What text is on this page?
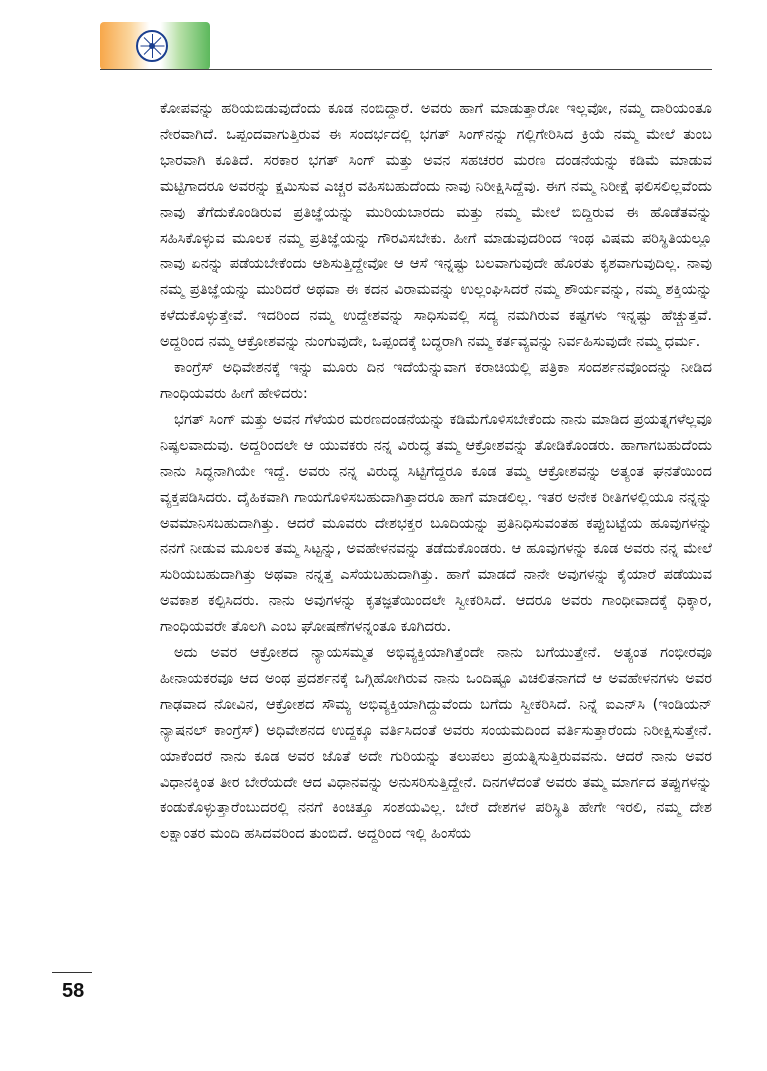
ಕೋಪವನ್ನು ಹರಿಯಬಿಡುವುದೆಂದು ಕೂಡ ನಂಬಿದ್ದಾರೆ. ಅವರು ಹಾಗೆ ಮಾಡುತ್ತಾರೋ ಇಲ್ಲವೋ, ನಮ್ಮ ದಾರಿಯಂತೂ ನೇರವಾಗಿದೆ. ಒಪ್ಪಂದವಾಗುತ್ತಿರುವ ಈ ಸಂದರ್ಭದಲ್ಲಿ ಭಗತ್ ಸಿಂಗ್‌ನನ್ನು ಗಲ್ಲಿಗೇರಿಸಿದ ಕ್ರಿಯೆ ನಮ್ಮ ಮೇಲೆ ತುಂಬ ಭಾರವಾಗಿ ಕೂತಿದೆ. ಸರಕಾರ ಭಗತ್ ಸಿಂಗ್ ಮತ್ತು ಅವನ ಸಹಚರರ ಮರಣ ದಂಡನೆಯನ್ನು ಕಡಿಮೆ ಮಾಡುವ ಮಟ್ಟಿಗಾದರೂ ಅವರನ್ನು ಕ್ಷಮಿಸುವ ಎಚ್ಚರ ವಹಿಸಬಹುದೆಂದು ನಾವು ನಿರೀಕ್ಷಿಸಿದ್ದೆವು. ಈಗ ನಮ್ಮ ನಿರೀಕ್ಷೆ ಫಲಿಸಲಿಲ್ಲವೆಂದು ನಾವು ತೆಗೆದುಕೊಂಡಿರುವ ಪ್ರತಿಜ್ಞೆಯನ್ನು ಮುರಿಯಬಾರದು ಮತ್ತು ನಮ್ಮ ಮೇಲೆ ಬಿದ್ದಿರುವ ಈ ಹೊಡೆತವನ್ನು ಸಹಿಸಿಕೊಳ್ಳುವ ಮೂಲಕ ನಮ್ಮ ಪ್ರತಿಜ್ಞೆಯನ್ನು ಗೌರವಿಸಬೇಕು. ಹೀಗೆ ಮಾಡುವುದರಿಂದ ಇಂಥ ವಿಷಮ ಪರಿಸ್ಥಿತಿಯಲ್ಲೂ ನಾವು ಏನನ್ನು ಪಡೆಯಬೇಕೆಂದು ಆಶಿಸುತ್ತಿದ್ದೇವೋ ಆ ಆಸೆ ಇನ್ನಷ್ಟು ಬಲವಾಗುವುದೇ ಹೊರತು ಕೃಶವಾಗುವುದಿಲ್ಲ. ನಾವು ನಮ್ಮ ಪ್ರತಿಜ್ಞೆಯನ್ನು ಮುರಿದರೆ ಅಥವಾ ಈ ಕದನ ವಿರಾಮವನ್ನು ಉಲ್ಲಂಘಿಸಿದರೆ ನಮ್ಮ ಶೌರ್ಯವನ್ನು, ನಮ್ಮ ಶಕ್ತಿಯನ್ನು ಕಳೆದುಕೊಳ್ಳುತ್ತೇವೆ. ಇದರಿಂದ ನಮ್ಮ ಉದ್ದೇಶವನ್ನು ಸಾಧಿಸುವಲ್ಲಿ ಸದ್ಯ ನಮಗಿರುವ ಕಷ್ಟಗಳು ಇನ್ನಷ್ಟು ಹೆಚ್ಚುತ್ತವೆ. ಅದ್ದರಿಂದ ನಮ್ಮ ಆಕ್ರೋಶವನ್ನು ನುಂಗುವುದೇ, ಒಪ್ಪಂದಕ್ಕೆ ಬದ್ಧರಾಗಿ ನಮ್ಮ ಕರ್ತವ್ಯವನ್ನು ನಿರ್ವಹಿಸುವುದೇ ನಮ್ಮ ಧರ್ಮ.

ಕಾಂಗ್ರೆಸ್ ಅಧಿವೇಶನಕ್ಕೆ ಇನ್ನು ಮೂರು ದಿನ ಇದೆಯೆನ್ನುವಾಗ ಕರಾಚಿಯಲ್ಲಿ ಪತ್ರಿಕಾ ಸಂದರ್ಶನವೊಂದನ್ನು ನೀಡಿದ ಗಾಂಧಿಯವರು ಹೀಗೆ ಹೇಳಿದರು:

ಭಗತ್ ಸಿಂಗ್ ಮತ್ತು ಅವನ ಗೆಳೆಯರ ಮರಣದಂಡನೆಯನ್ನು ಕಡಿಮೆಗೊಳಿಸಬೇಕೆಂದು ನಾನು ಮಾಡಿದ ಪ್ರಯತ್ನಗಳೆಲ್ಲವೂ ನಿಷ್ಫಲವಾದುವು. ಅದ್ದರಿಂದಲೇ ಆ ಯುವಕರು ನನ್ನ ವಿರುದ್ಧ ತಮ್ಮ ಆಕ್ರೋಶವನ್ನು ತೋಡಿಕೊಂಡರು. ಹಾಗಾಗಬಹುದೆಂದು ನಾನು ಸಿದ್ಧನಾಗಿಯೇ ಇದ್ದೆ. ಅವರು ನನ್ನ ವಿರುದ್ಧ ಸಿಟ್ಟಿಗೆದ್ದರೂ ಕೂಡ ತಮ್ಮ ಆಕ್ರೋಶವನ್ನು ಅತ್ಯಂತ ಘನತೆಯಿಂದ ವ್ಯಕ್ತಪಡಿಸಿದರು. ದೈಹಿಕವಾಗಿ ಗಾಯಗೊಳಿಸಬಹುದಾಗಿತ್ತಾದರೂ ಹಾಗೆ ಮಾಡಲಿಲ್ಲ. ಇತರ ಅನೇಕ ರೀತಿಗಳಲ್ಲಿಯೂ ನನ್ನನ್ನು ಅವಮಾನಿಸಬಹುದಾಗಿತ್ತು. ಆದರೆ ಮೂವರು ದೇಶಭಕ್ತರ ಬೂದಿಯನ್ನು ಪ್ರತಿನಿಧಿಸುವಂತಹ ಕಪ್ಪುಬಟ್ಟೆಯ ಹೂವುಗಳನ್ನು ನನಗೆ ನೀಡುವ ಮೂಲಕ ತಮ್ಮ ಸಿಟ್ಟನ್ನು, ಅವಹೇಳನವನ್ನು ತಡೆದುಕೊಂಡರು. ಆ ಹೂವುಗಳನ್ನು ಕೂಡ ಅವರು ನನ್ನ ಮೇಲೆ ಸುರಿಯಬಹುದಾಗಿತ್ತು ಅಥವಾ ನನ್ನತ್ತ ಎಸೆಯಬಹುದಾಗಿತ್ತು. ಹಾಗೆ ಮಾಡದೆ ನಾನೇ ಅವುಗಳನ್ನು ಕೈಯಾರೆ ಪಡೆಯುವ ಅವಕಾಶ ಕಲ್ಪಿಸಿದರು. ನಾನು ಅವುಗಳನ್ನು ಕೃತಜ್ಞತೆಯಿಂದಲೇ ಸ್ವೀಕರಿಸಿದೆ. ಆದರೂ ಅವರು ಗಾಂಧೀವಾದಕ್ಕೆ ಧಿಕ್ಕಾರ, ಗಾಂಧಿಯವರೇ ತೊಲಗಿ ಎಂಬ ಘೋಷಣೆಗಳನ್ನಂತೂ ಕೂಗಿದರು.

ಅದು ಅವರ ಆಕ್ರೋಶದ ನ್ಯಾಯಸಮ್ಮತ ಅಭಿವ್ಯಕ್ತಿಯಾಗಿತ್ತೆಂದೇ ನಾನು ಬಗೆಯುತ್ತೇನೆ. ಅತ್ಯಂತ ಗಂಭೀರವೂ ಹೀನಾಯಕರವೂ ಆದ ಅಂಥ ಪ್ರದರ್ಶನಕ್ಕೆ ಒಗ್ಗಿಹೋಗಿರುವ ನಾನು ಒಂದಿಷ್ಟೂ ವಿಚಲಿತನಾಗದೆ ಆ ಅವಹೇಳನಗಳು ಅವರ ಗಾಢವಾದ ನೋವಿನ, ಆಕ್ರೋಶದ ಸೌಮ್ಯ ಅಭಿವ್ಯಕ್ತಿಯಾಗಿದ್ದುವೆಂದು ಬಗೆದು ಸ್ವೀಕರಿಸಿದೆ. ನಿನ್ನೆ ಐಎನ್‌ಸಿ (ಇಂಡಿಯನ್ ನ್ಯಾಷನಲ್ ಕಾಂಗ್ರೆಸ್) ಅಧಿವೇಶನದ ಉದ್ದಕ್ಕೂ ವರ್ತಿಸಿದಂತೆ ಅವರು ಸಂಯಮದಿಂದ ವರ್ತಿಸುತ್ತಾರೆಂದು ನಿರೀಕ್ಷಿಸುತ್ತೇನೆ. ಯಾಕೆಂದರೆ ನಾನು ಕೂಡ ಅವರ ಜೊತೆ ಅದೇ ಗುರಿಯನ್ನು ತಲುಪಲು ಪ್ರಯತ್ನಿಸುತ್ತಿರುವವನು. ಆದರೆ ನಾನು ಅವರ ವಿಧಾನಕ್ಕಿಂತ ತೀರ ಬೇರೆಯದೇ ಆದ ವಿಧಾನವನ್ನು ಅನುಸರಿಸುತ್ತಿದ್ದೇನೆ. ದಿನಗಳೆದಂತೆ ಅವರು ತಮ್ಮ ಮಾರ್ಗದ ತಪ್ಪುಗಳನ್ನು ಕಂಡುಕೊಳ್ಳುತ್ತಾರೆಂಬುದರಲ್ಲಿ ನನಗೆ ಕಿಂಚಿತ್ತೂ ಸಂಶಯವಿಲ್ಲ. ಬೇರೆ ದೇಶಗಳ ಪರಿಸ್ಥಿತಿ ಹೇಗೇ ಇರಲಿ, ನಮ್ಮ ದೇಶ ಲಕ್ಷಾಂತರ ಮಂದಿ ಹಸಿದವರಿಂದ ತುಂಬಿದೆ. ಅದ್ದರಿಂದ ಇಲ್ಲಿ ಹಿಂಸೆಯ

58
